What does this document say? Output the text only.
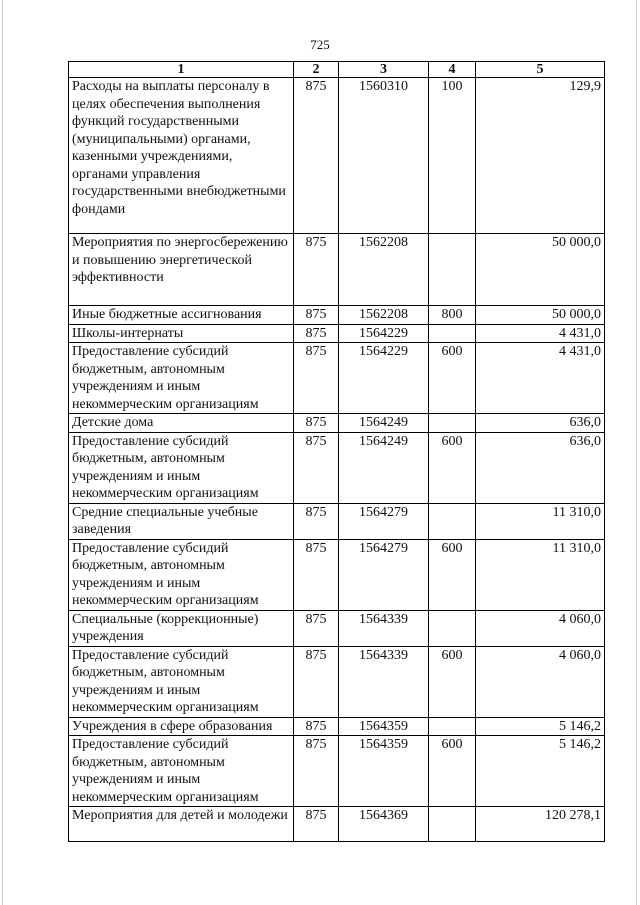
725
1	2	3	4	5
Расходы на выплаты персоналу в целях обеспечения выполнения функций государственными (муниципальными) органами, казенными учреждениями, органами управления государственными внебюджетными фондами	875	1560310	100	129,9
Мероприятия по энергосбережению и повышению энергетической эффективности	875	1562208		50 000,0
Иные бюджетные ассигнования	875	1562208	800	50 000,0
Школы-интернаты	875	1564229		4 431,0
Предоставление субсидий бюджетным, автономным учреждениям и иным некоммерческим организациям	875	1564229	600	4 431,0
Детские дома	875	1564249		636,0
Предоставление субсидий бюджетным, автономным учреждениям и иным некоммерческим организациям	875	1564249	600	636,0
Средние специальные учебные заведения	875	1564279		11 310,0
Предоставление субсидий бюджетным, автономным учреждениям и иным некоммерческим организациям	875	1564279	600	11 310,0
Специальные (коррекционные) учреждения	875	1564339		4 060,0
Предоставление субсидий бюджетным, автономным учреждениям и иным некоммерческим организациям	875	1564339	600	4 060,0
Учреждения в сфере образования	875	1564359		5 146,2
Предоставление субсидий бюджетным, автономным учреждениям и иным некоммерческим организациям	875	1564359	600	5 146,2
Мероприятия для детей и молодежи	875	1564369		120 278,1
